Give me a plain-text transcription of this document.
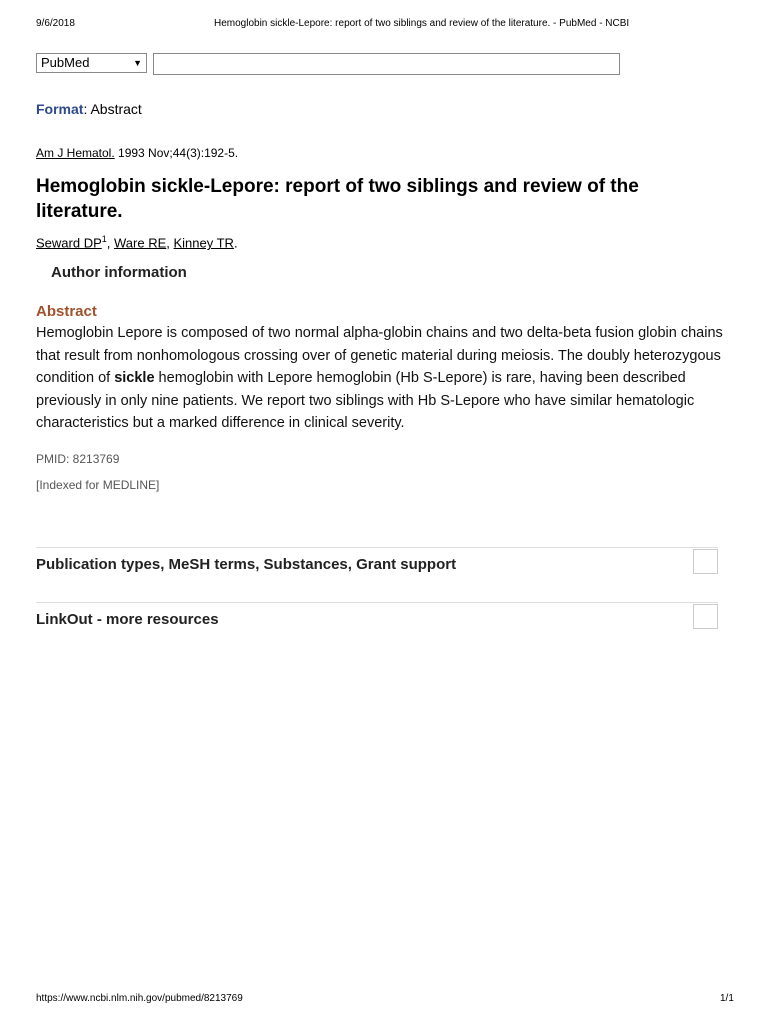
9/6/2018	Hemoglobin sickle-Lepore: report of two siblings and review of the literature. - PubMed - NCBI
PubMed	▼
Format: Abstract
Am J Hematol. 1993 Nov;44(3):192-5.
Hemoglobin sickle-Lepore: report of two siblings and review of the literature.
Seward $DP^1$, Ware RE, Kinney TR.
Author information
Abstract
Hemoglobin Lepore is composed of two normal alpha-globin chains and two delta-beta fusion globin chains that result from nonhomologous crossing over of genetic material during meiosis. The doubly heterozygous condition of sickle hemoglobin with Lepore hemoglobin (Hb S-Lepore) is rare, having been described previously in only nine patients. We report two siblings with Hb S-Lepore who have similar hematologic characteristics but a marked difference in clinical severity.
PMID: 8213769
[Indexed for MEDLINE]
Publication types, MeSH terms, Substances, Grant support
LinkOut - more resources
https://www.ncbi.nlm.nih.gov/pubmed/8213769	1/1
